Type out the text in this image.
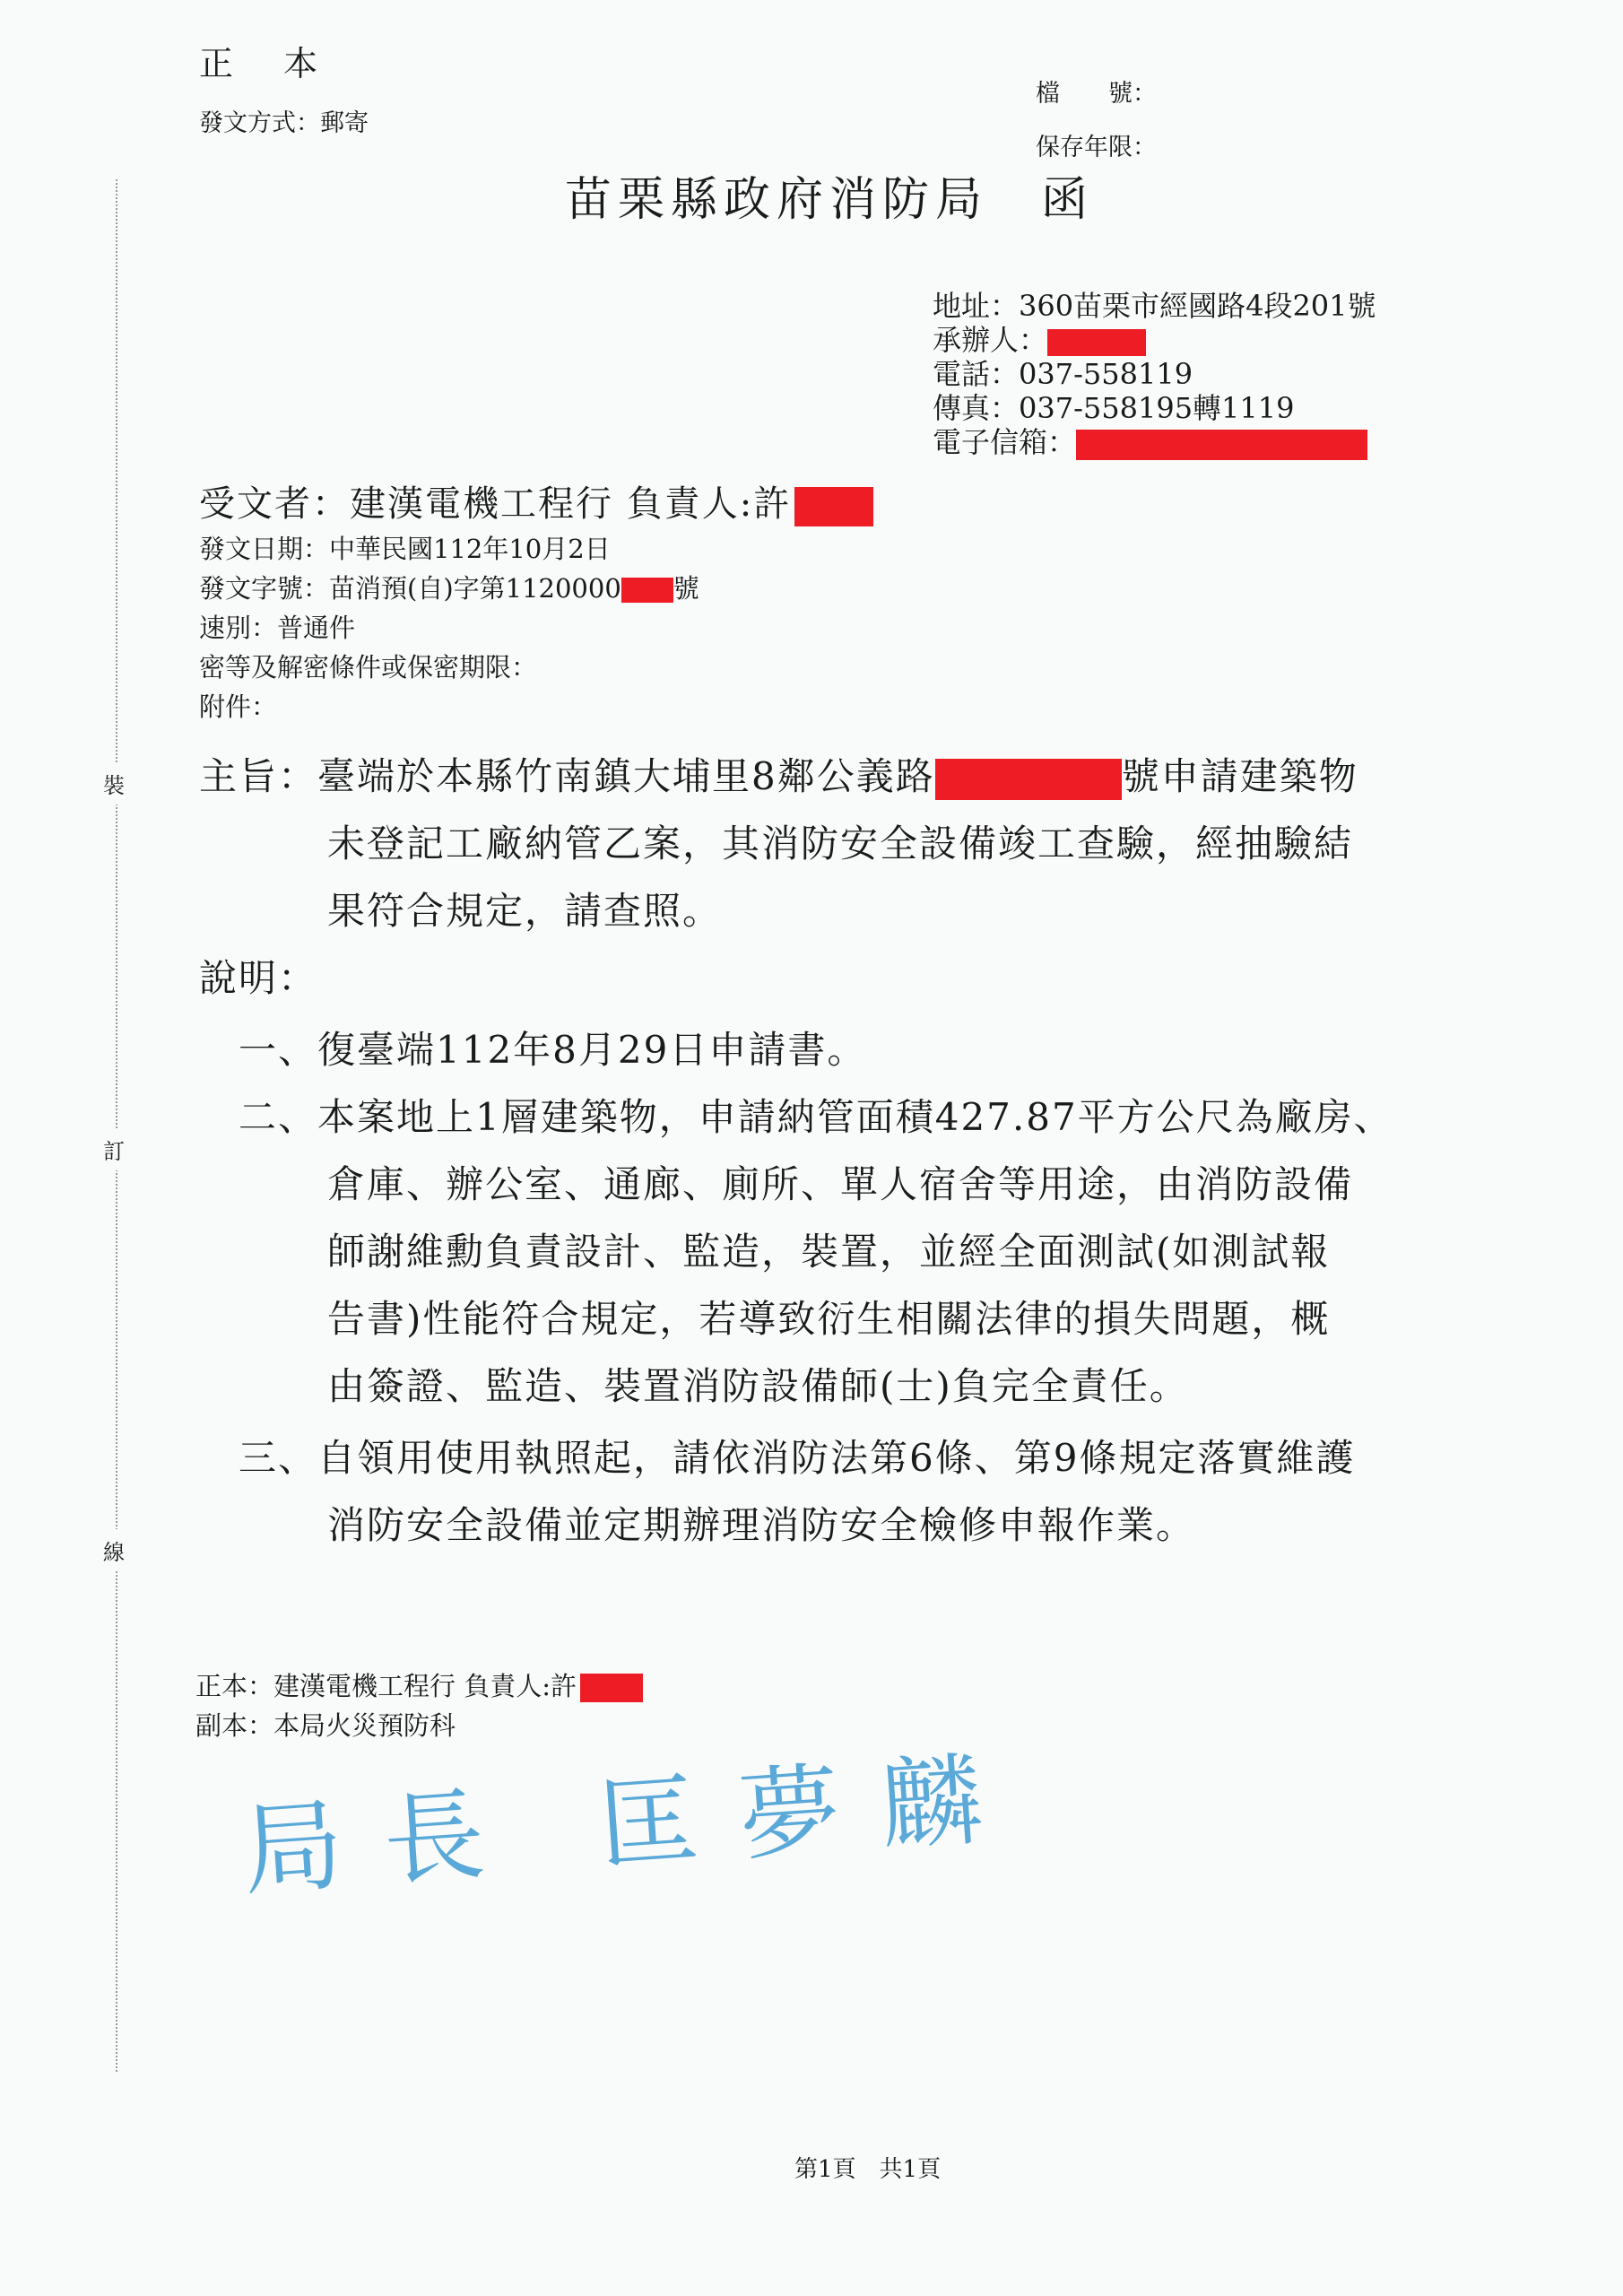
正 本
發文方式：郵寄
檔　　號：
保存年限：
苗栗縣政府消防局　函
地址：360苗栗市經國路4段201號
承辦人：
電話：037-558119
傳真：037-558195轉1119
電子信箱：
受文者：建漢電機工程行 負責人:許
發文日期：中華民國112年10月2日
發文字號：苗消預(自)字第1120000 號
速別：普通件
密等及解密條件或保密期限：
附件：
主旨：臺端於本縣竹南鎮大埔里8鄰公義路	號申請建築物
未登記工廠納管乙案，其消防安全設備竣工查驗，經抽驗結
果符合規定，請查照。
說明：
一、復臺端112年8月29日申請書。
二、本案地上1層建築物，申請納管面積427.87平方公尺為廠房、
倉庫、辦公室、通廊、廁所、單人宿舍等用途，由消防設備
師謝維勳負責設計、監造，裝置，並經全面測試(如測試報
告書)性能符合規定，若導致衍生相關法律的損失問題，概
由簽證、監造、裝置消防設備師(士)負完全責任。
三、自領用使用執照起，請依消防法第6條、第9條規定落實維護
消防安全設備並定期辦理消防安全檢修申報作業。
正本：建漢電機工程行 負責人:許
副本：本局火災預防科
局長 匡夢麟
裝
訂
線
第1頁　共1頁
